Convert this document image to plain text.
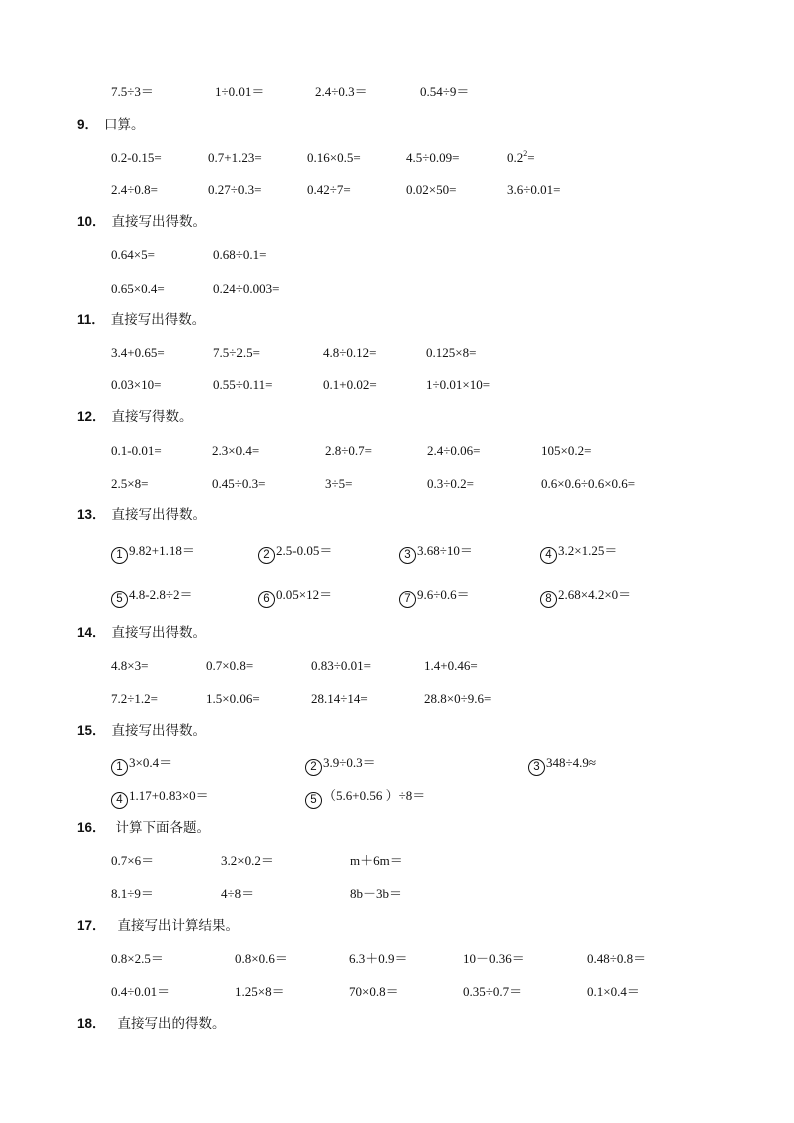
7.5÷3＝	1÷0.01＝	2.4÷0.3＝	0.54÷9＝
9． 口算。
0.2-0.15=	0.7+1.23=	0.16×0.5=	4.5÷0.09=	$0.2^2=$
2.4÷0.8=	0.27÷0.3=	0.42÷7=	0.02×50=	3.6÷0.01=
10． 直接写出得数。
0.64×5=	0.68÷0.1=
0.65×0.4=	0.24÷0.003=
11． 直接写出得数。
3.4+0.65=	7.5÷2.5=	4.8÷0.12=	0.125×8=
0.03×10=	0.55÷0.11=	0.1+0.02=	1÷0.01×10=
12． 直接写得数。
0.1-0.01=	2.3×0.4=	2.8÷0.7=	2.4÷0.06=	105×0.2=
2.5×8=	0.45÷0.3=	3÷5=	0.3÷0.2=	0.6×0.6÷0.6×0.6=
13． 直接写出得数。
1 9.82+1.18＝	2 2.5-0.05＝	3 3.68÷10＝	4 3.2×1.25＝
5 4.8-2.8÷2＝	6 0.05×12＝	7 9.6÷0.6＝	8 2.68×4.2×0＝
14． 直接写出得数。
4.8×3=	0.7×0.8=	0.83÷0.01=	1.4+0.46=
7.2÷1.2=	1.5×0.06=	28.14÷14=	28.8×0÷9.6=
15． 直接写出得数。
1 3×0.4＝	2 3.9÷0.3＝	3 348÷4.9≈
4 1.17+0.83×0＝	5 （5.6+0.56 ）÷8＝
16． 计算下面各题。
0.7×6＝	3.2×0.2＝	m＋6m＝
8.1÷9＝	4÷8＝	8b－3b＝
17． 直接写出计算结果。
0.8×2.5＝	0.8×0.6＝	6.3＋0.9＝	10－0.36＝	0.48÷0.8＝
0.4÷0.01＝	1.25×8＝	70×0.8＝	0.35÷0.7＝	0.1×0.4＝
18． 直接写出的得数。
